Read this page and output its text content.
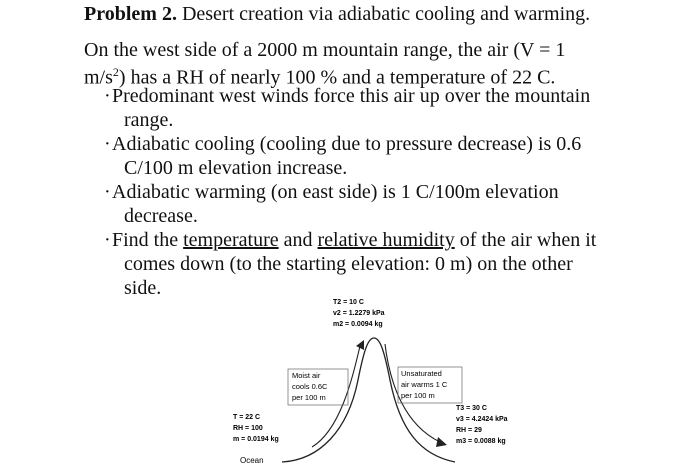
Problem 2. Desert creation via adiabatic cooling and warming.
On the west side of a 2000 m mountain range, the air (V = 1
$m/s^2$) has a RH of nearly 100 % and a temperature of 22 C.
·Predominant west winds force this air up over the mountain
range.
·Adiabatic cooling (cooling due to pressure decrease) is 0.6
C/100 m elevation increase.
·Adiabatic warming (on east side) is 1 C/100m elevation
decrease.
·Find the temperature and relative humidity of the air when it
comes down (to the starting elevation: 0 m) on the other
side.
T2 = 10 C
v2 = 1.2279 kPa
m2 = 0.0094 kg
Moist air
cools 0.6C
per 100 m
Unsaturated
air warms 1 C
per 100 m
T = 22 C
RH = 100
m = 0.0194 kg
T3 = 30 C
v3 = 4.2424 kPa
RH = 29
m3 = 0.0088 kg
Ocean
